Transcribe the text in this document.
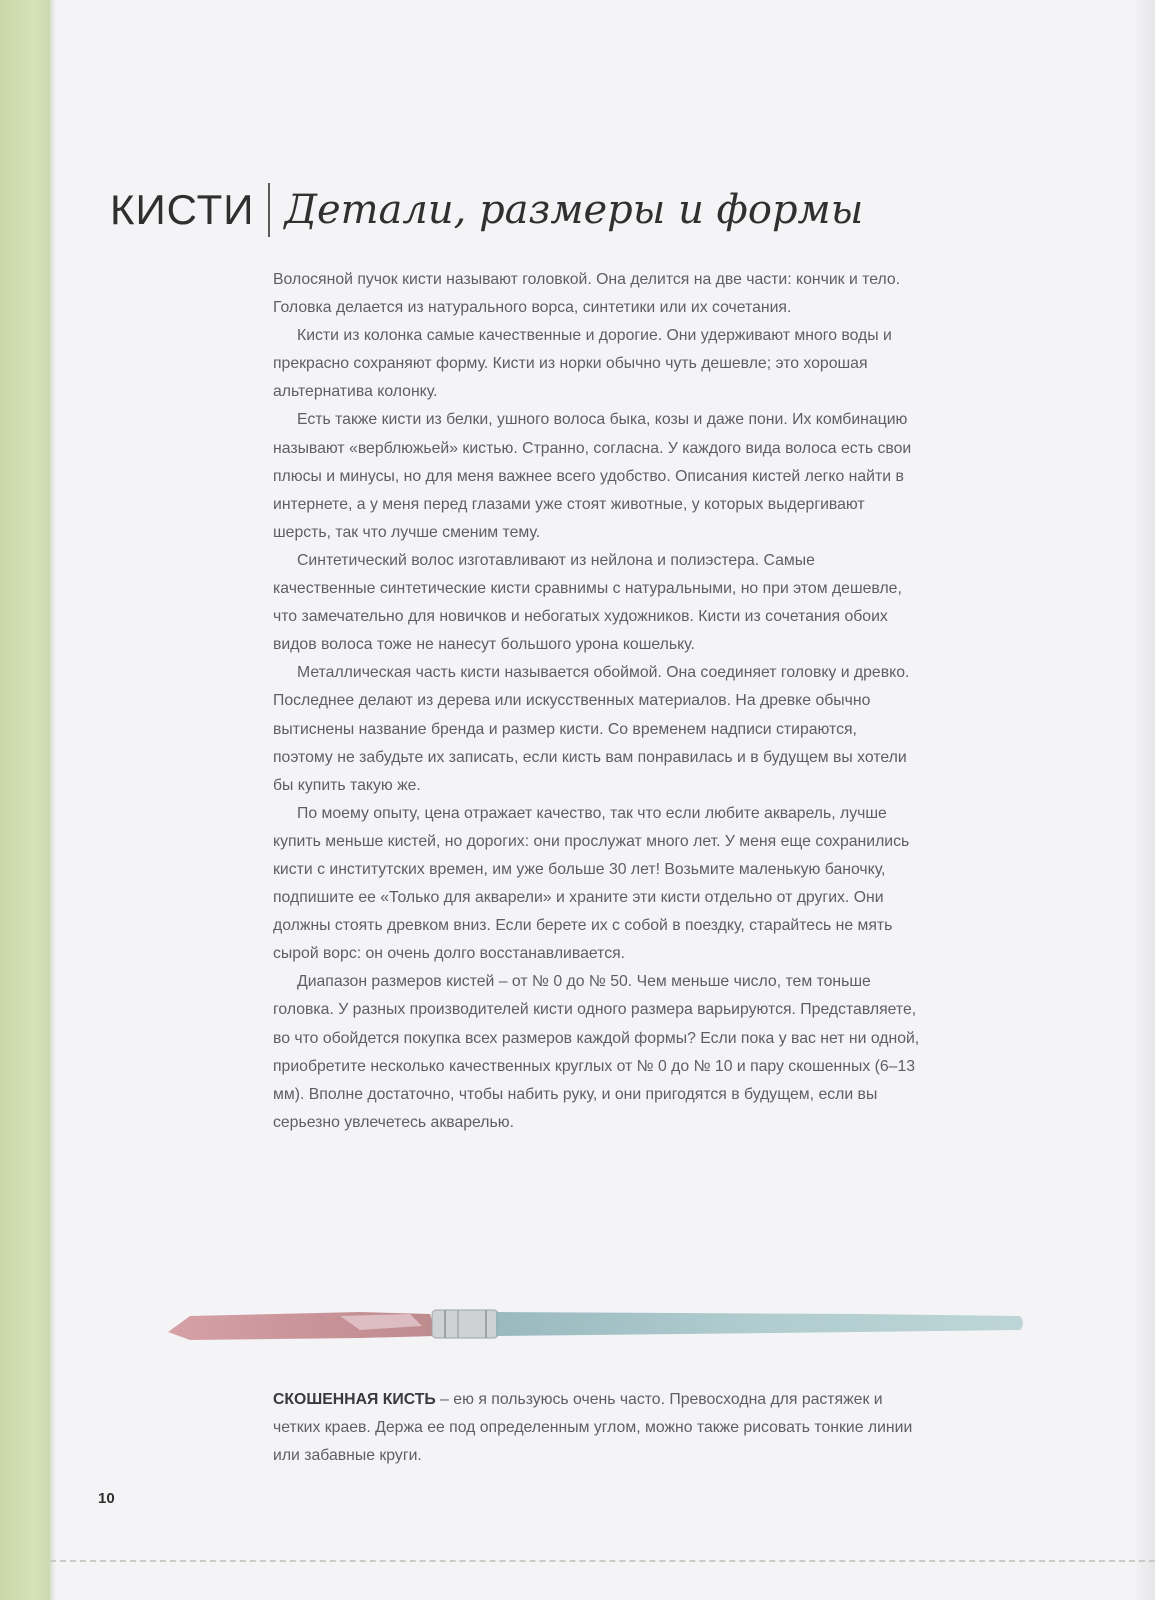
КИСТИ Детали, размеры и формы

Волосяной пучок кисти называют головкой. Она делится на две части: кончик и тело. Головка делается из натурального ворса, синтетики или их сочетания.

Кисти из колонка самые качественные и дорогие. Они удерживают много воды и прекрасно сохраняют форму. Кисти из норки обычно чуть дешевле; это хорошая альтернатива колонку.

Есть также кисти из белки, ушного волоса быка, козы и даже пони. Их комбинацию называют «верблюжьей» кистью. Странно, согласна. У каждого вида волоса есть свои плюсы и минусы, но для меня важнее всего удобство. Описания кистей легко найти в интернете, а у меня перед глазами уже стоят животные, у которых выдергивают шерсть, так что лучше сменим тему.

Синтетический волос изготавливают из нейлона и полиэстера. Самые качественные синтетические кисти сравнимы с натуральными, но при этом дешевле, что замечательно для новичков и небогатых художников. Кисти из сочетания обоих видов волоса тоже не нанесут большого урона кошельку.

Металлическая часть кисти называется обоймой. Она соединяет головку и древко. Последнее делают из дерева или искусственных материалов. На древке обычно вытиснены название бренда и размер кисти. Со временем надписи стираются, поэтому не забудьте их записать, если кисть вам понравилась и в будущем вы хотели бы купить такую же.

По моему опыту, цена отражает качество, так что если любите акварель, лучше купить меньше кистей, но дорогих: они прослужат много лет. У меня еще сохранились кисти с институтских времен, им уже больше 30 лет! Возьмите маленькую баночку, подпишите ее «Только для акварели» и храните эти кисти отдельно от других. Они должны стоять древком вниз. Если берете их с собой в поездку, старайтесь не мять сырой ворс: он очень долго восстанавливается.

Диапазон размеров кистей – от № 0 до № 50. Чем меньше число, тем тоньше головка. У разных производителей кисти одного размера варьируются. Представляете, во что обойдется покупка всех размеров каждой формы? Если пока у вас нет ни одной, приобретите несколько качественных круглых от № 0 до № 10 и пару скошенных (6–13 мм). Вполне достаточно, чтобы набить руку, и они пригодятся в будущем, если вы серьезно увлечетесь акварелью.

СКОШЕННАЯ КИСТЬ – ею я пользуюсь очень часто. Превосходна для растяжек и четких краев. Держа ее под определенным углом, можно также рисовать тонкие линии или забавные круги.
10
